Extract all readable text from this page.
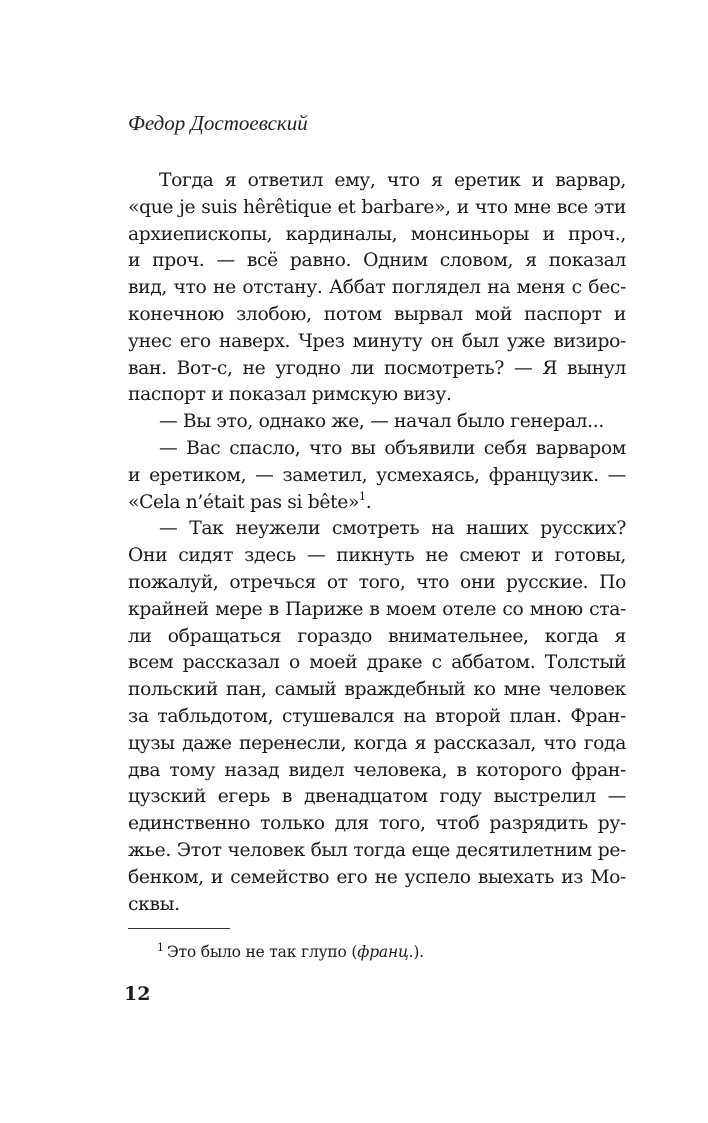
Федор Достоевский
Тогда я ответил ему, что я еретик и варвар,
«que je suis hêrêtique et barbare», и что мне все эти
архиепископы, кардиналы, монсиньоры и проч.,
и проч. — всё равно. Одним словом, я показал
вид, что не отстану. Аббат поглядел на меня с бес-
конечною злобою, потом вырвал мой паспорт и
унес его наверх. Чрез минуту он был уже визиро-
ван. Вот-с, не угодно ли посмотреть? — Я вынул
паспорт и показал римскую визу.
— Вы это, однако же, — начал было генерал...
— Вас спасло, что вы объявили себя варваром
и еретиком, — заметил, усмехаясь, французик. —
«Cela n’était pas si bête»$^1$.
— Так неужели смотреть на наших русских?
Они сидят здесь — пикнуть не смеют и готовы,
пожалуй, отречься от того, что они русские. По
крайней мере в Париже в моем отеле со мною ста-
ли обращаться гораздо внимательнее, когда я
всем рассказал о моей драке с аббатом. Толстый
польский пан, самый враждебный ко мне человек
за табльдотом, стушевался на второй план. Фран-
цузы даже перенесли, когда я рассказал, что года
два тому назад видел человека, в которого фран-
цузский егерь в двенадцатом году выстрелил —
единственно только для того, чтоб разрядить ру-
жье. Этот человек был тогда еще десятилетним ре-
бенком, и семейство его не успело выехать из Мо-
сквы.
$^1$ Это было не так глупо (франц.).
12
